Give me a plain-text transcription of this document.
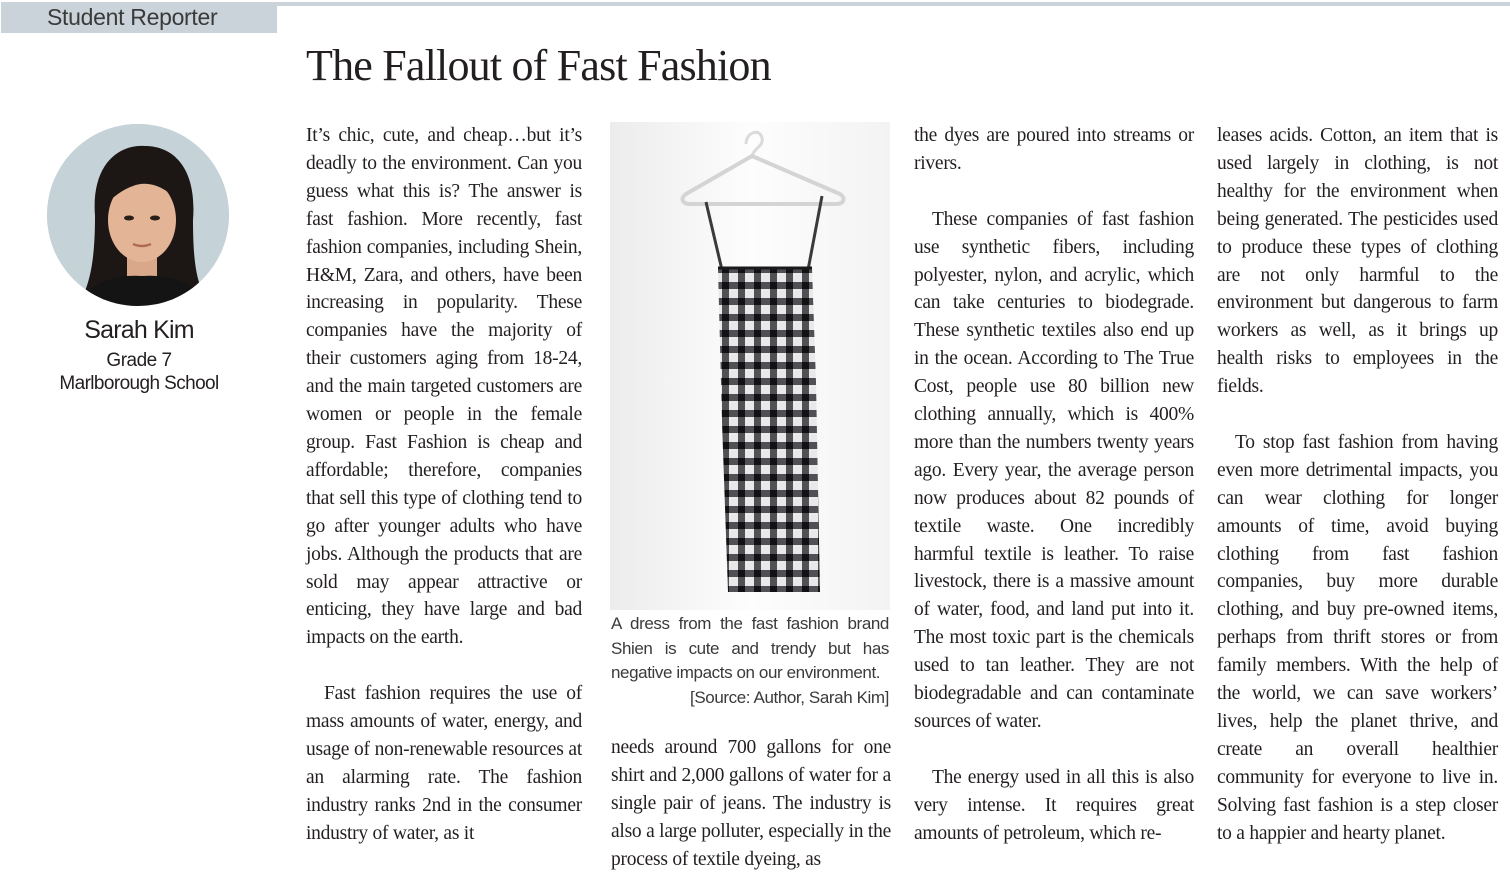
Student Reporter
The Fallout of Fast Fashion
Sarah Kim
Grade 7
Marlborough School

It’s chic, cute, and cheap…but it’s deadly to the environment. Can you guess what this is? The answer is fast fashion. More recently, fast fashion companies, including Shein, H&M, Zara, and others, have been increasing in popularity. These companies have the majority of their customers aging from 18-24, and the main targeted customers are women or people in the female group. Fast Fashion is cheap and affordable; therefore, companies that sell this type of clothing tend to go after younger adults who have jobs. Although the products that are sold may appear attractive or enticing, they have large and bad impacts on the earth.

Fast fashion requires the use of mass amounts of water, energy, and usage of non-renewable resources at an alarming rate. The fashion industry ranks 2nd in the consumer industry of water, as it

A dress from the fast fashion brand Shien is cute and trendy but has negative impacts on our environment.
[Source: Author, Sarah Kim]

needs around 700 gallons for one shirt and 2,000 gallons of water for a single pair of jeans. The industry is also a large polluter, especially in the process of textile dyeing, as

the dyes are poured into streams or rivers.

These companies of fast fashion use synthetic fibers, including polyester, nylon, and acrylic, which can take centuries to biodegrade. These synthetic textiles also end up in the ocean. According to The True Cost, people use 80 billion new clothing annually, which is 400% more than the numbers twenty years ago. Every year, the average person now produces about 82 pounds of textile waste. One incredibly harmful textile is leather. To raise livestock, there is a massive amount of water, food, and land put into it. The most toxic part is the chemicals used to tan leather. They are not biodegradable and can contaminate sources of water.

The energy used in all this is also very intense. It requires great amounts of petroleum, which re-

leases acids. Cotton, an item that is used largely in clothing, is not healthy for the environment when being generated. The pesticides used to produce these types of clothing are not only harmful to the environment but dangerous to farm workers as well, as it brings up health risks to employees in the fields.

To stop fast fashion from having even more detrimental impacts, you can wear clothing for longer amounts of time, avoid buying clothing from fast fashion companies, buy more durable clothing, and buy pre-owned items, perhaps from thrift stores or from family members. With the help of the world, we can save workers’ lives, help the planet thrive, and create an overall healthier community for everyone to live in. Solving fast fashion is a step closer to a happier and hearty planet.
